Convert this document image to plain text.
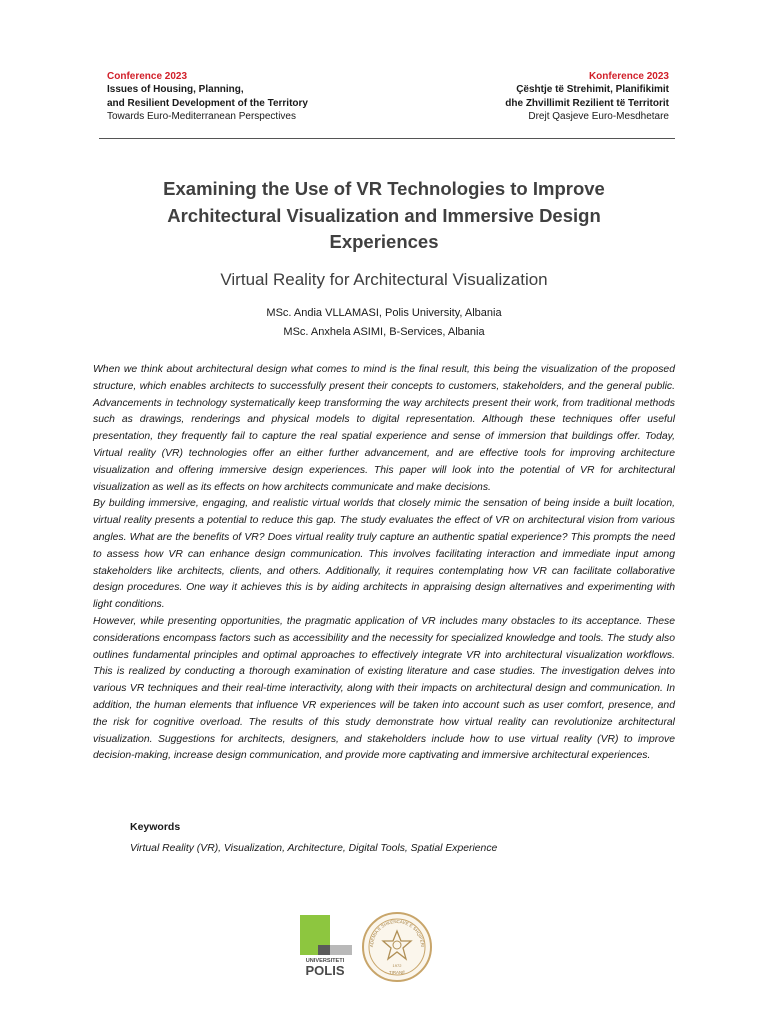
Conference 2023
Issues of Housing, Planning,
and Resilient Development of the Territory
Towards Euro-Mediterranean Perspectives
Konference 2023
Çështje të Strehimit, Planifikimit
dhe Zhvillimit Rezilient të Territorit
Drejt Qasjeve Euro-Mesdhetare
Examining the Use of VR Technologies to Improve
Architectural Visualization and Immersive Design
Experiences
Virtual Reality for Architectural Visualization
MSc. Andia VLLAMASI, Polis University, Albania
MSc. Anxhela ASIMI, B-Services, Albania

When we think about architectural design what comes to mind is the final result, this being the visualization of the proposed structure, which enables architects to successfully present their concepts to customers, stakeholders, and the general public. Advancements in technology systematically keep transforming the way architects present their work, from traditional methods such as drawings, renderings and physical models to digital representation. Although these techniques offer useful presentation, they frequently fail to capture the real spatial experience and sense of immersion that buildings offer. Today, Virtual reality (VR) technologies offer an either further advancement, and are effective tools for improving architecture visualization and offering immersive design experiences. This paper will look into the potential of VR for architectural visualization as well as its effects on how architects communicate and make decisions.

By building immersive, engaging, and realistic virtual worlds that closely mimic the sensation of being inside a built location, virtual reality presents a potential to reduce this gap. The study evaluates the effect of VR on architectural vision from various angles. What are the benefits of VR? Does virtual reality truly capture an authentic spatial experience? This prompts the need to assess how VR can enhance design communication. This involves facilitating interaction and immediate input among stakeholders like architects, clients, and others. Additionally, it requires contemplating how VR can facilitate collaborative design procedures. One way it achieves this is by aiding architects in appraising design alternatives and experimenting with light conditions.

However, while presenting opportunities, the pragmatic application of VR includes many obstacles to its acceptance. These considerations encompass factors such as accessibility and the necessity for specialized knowledge and tools. The study also outlines fundamental principles and optimal approaches to effectively integrate VR into architectural visualization workflows. This is realized by conducting a thorough examination of existing literature and case studies. The investigation delves into various VR techniques and their real-time interactivity, along with their impacts on architectural design and communication. In addition, the human elements that influence VR experiences will be taken into account such as user comfort, presence, and the risk for cognitive overload. The results of this study demonstrate how virtual reality can revolutionize architectural visualization. Suggestions for architects, designers, and stakeholders include how to use virtual reality (VR) to improve decision-making, increase design communication, and provide more captivating and immersive architectural experiences.

Keywords
Virtual Reality (VR), Visualization, Architecture, Digital Tools, Spatial Experience
UNIVERSITETI
POLIS
ADEMIA E SHKENCAVE E SHQIPËRI
1972
TIRANË
